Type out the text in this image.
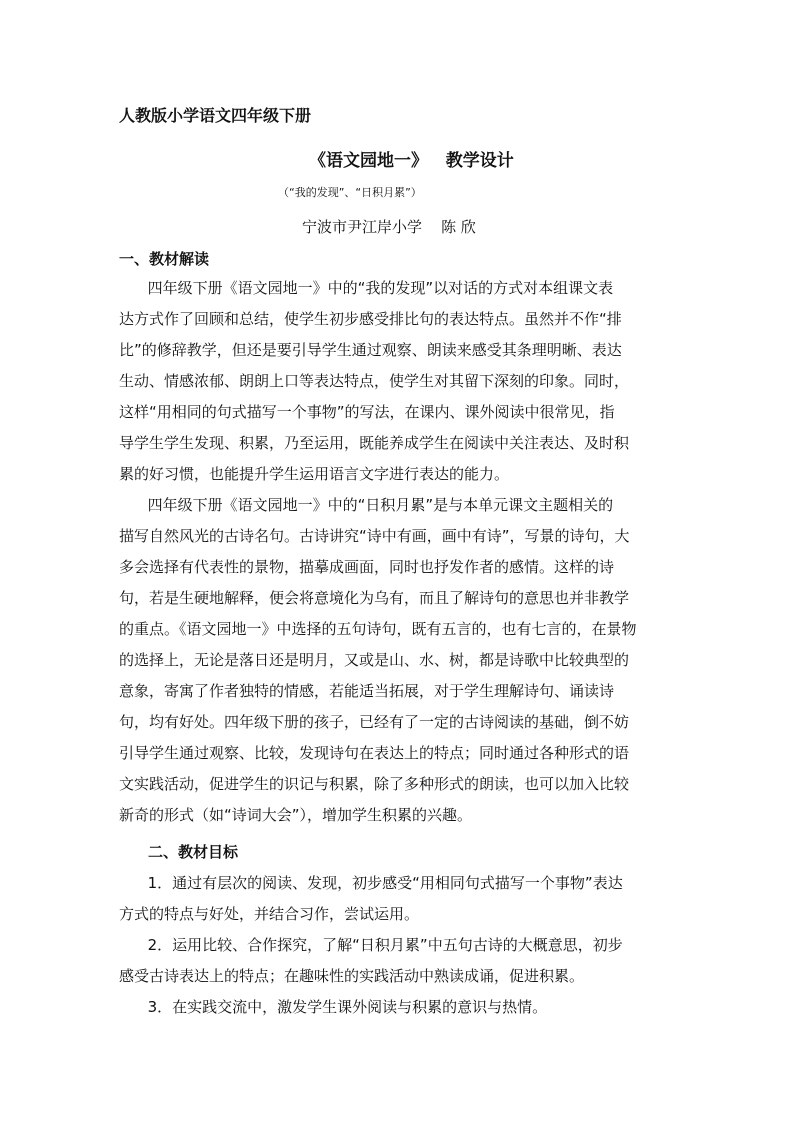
人教版小学语文四年级下册
《语文园地一》   教学设计
（“我的发现”、“日积月累”）
宁波市尹江岸小学    陈 欣
一、教材解读
四年级下册《语文园地一》中的“我的发现”以对话的方式对本组课文表
达方式作了回顾和总结，使学生初步感受排比句的表达特点。虽然并不作“排
比”的修辞教学，但还是要引导学生通过观察、朗读来感受其条理明晰、表达
生动、情感浓郁、朗朗上口等表达特点，使学生对其留下深刻的印象。同时，
这样“用相同的句式描写一个事物”的写法，在课内、课外阅读中很常见，指
导学生学生发现、积累，乃至运用，既能养成学生在阅读中关注表达、及时积
累的好习惯，也能提升学生运用语言文字进行表达的能力。
四年级下册《语文园地一》中的“日积月累”是与本单元课文主题相关的
描写自然风光的古诗名句。古诗讲究“诗中有画，画中有诗”，写景的诗句，大
多会选择有代表性的景物，描摹成画面，同时也抒发作者的感情。这样的诗
句，若是生硬地解释，便会将意境化为乌有，而且了解诗句的意思也并非教学
的重点。《语文园地一》中选择的五句诗句，既有五言的，也有七言的，在景物
的选择上，无论是落日还是明月，又或是山、水、树，都是诗歌中比较典型的
意象，寄寓了作者独特的情感，若能适当拓展，对于学生理解诗句、诵读诗
句，均有好处。四年级下册的孩子，已经有了一定的古诗阅读的基础，倒不妨
引导学生通过观察、比较，发现诗句在表达上的特点；同时通过各种形式的语
文实践活动，促进学生的识记与积累，除了多种形式的朗读，也可以加入比较
新奇的形式（如“诗词大会”），增加学生积累的兴趣。
二、教材目标
1．通过有层次的阅读、发现，初步感受“用相同句式描写一个事物”表达
方式的特点与好处，并结合习作，尝试运用。
2．运用比较、合作探究，了解“日积月累”中五句古诗的大概意思，初步
感受古诗表达上的特点；在趣味性的实践活动中熟读成诵，促进积累。
3．在实践交流中，激发学生课外阅读与积累的意识与热情。
